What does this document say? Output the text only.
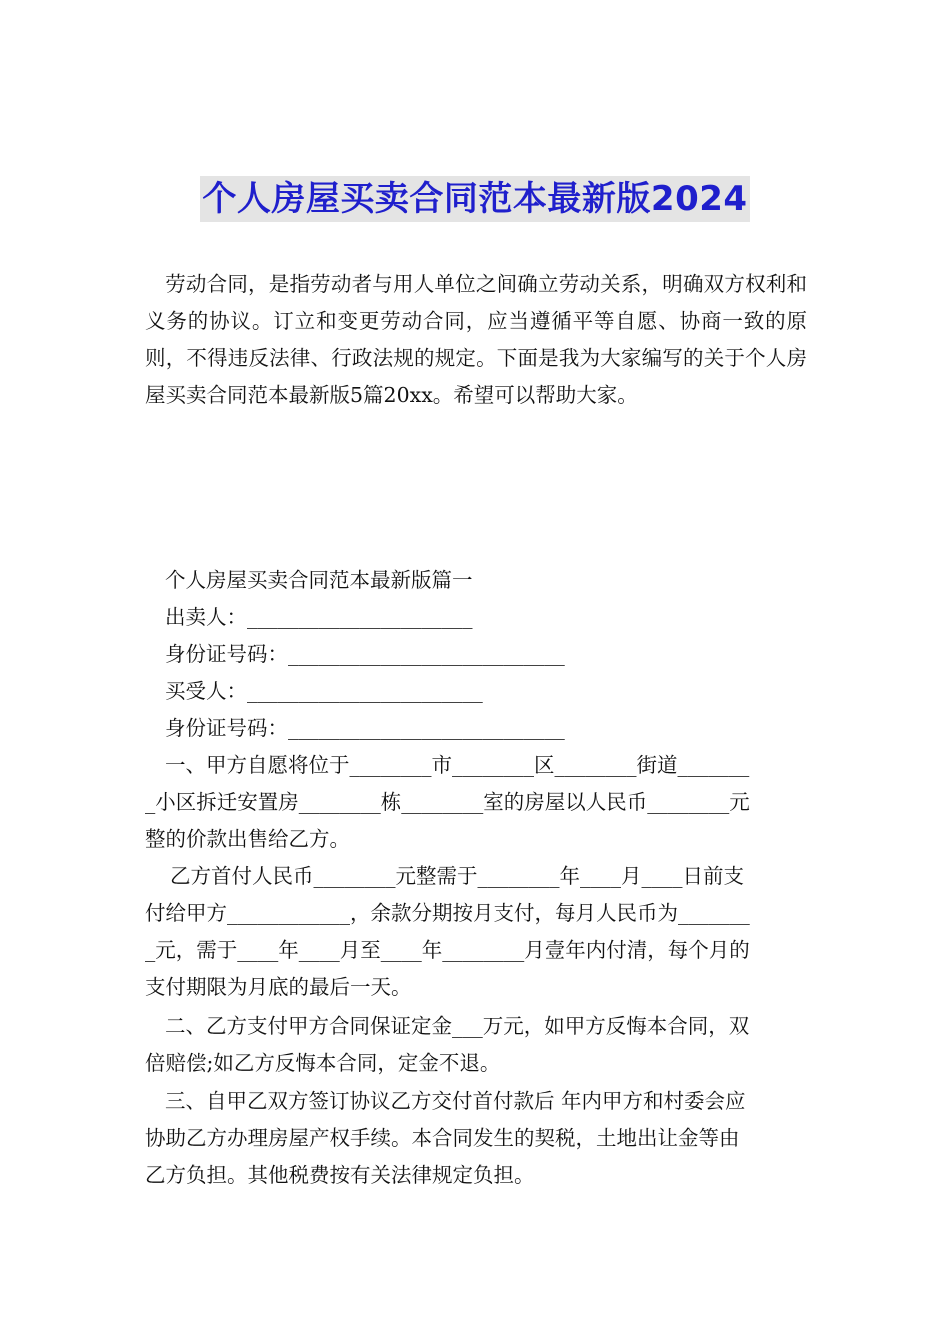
个人房屋买卖合同范本最新版2024
劳动合同，是指劳动者与用人单位之间确立劳动关系，明确双方权利和义务的协议。订立和变更劳动合同，应当遵循平等自愿、协商一致的原则，不得违反法律、行政法规的规定。下面是我为大家编写的关于个人房屋买卖合同范本最新版5篇20xx。希望可以帮助大家。
个人房屋买卖合同范本最新版篇一
出卖人：______________________
身份证号码：___________________________
买受人：_______________________
身份证号码：___________________________
一、甲方自愿将位于________市________区________街道_______
_小区拆迁安置房________栋________室的房屋以人民币________元
整的价款出售给乙方。
乙方首付人民币________元整需于________年____月____日前支
付给甲方____________，余款分期按月支付，每月人民币为_______
_元，需于____年____月至____年________月壹年内付清，每个月的
支付期限为月底的最后一天。
二、乙方支付甲方合同保证定金___万元，如甲方反悔本合同，双
倍赔偿;如乙方反悔本合同，定金不退。
三、自甲乙双方签订协议乙方交付首付款后 年内甲方和村委会应
协助乙方办理房屋产权手续。本合同发生的契税，土地出让金等由
乙方负担。其他税费按有关法律规定负担。
